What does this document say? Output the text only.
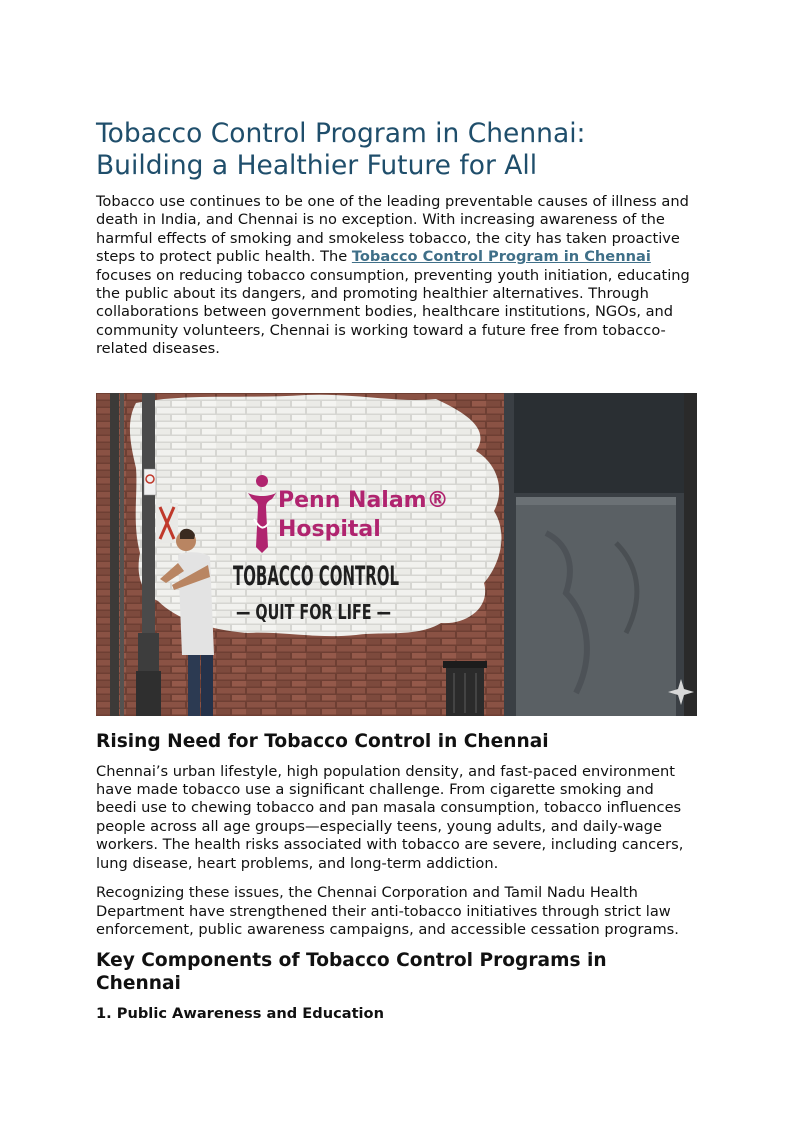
Tobacco Control Program in Chennai:
Building a Healthier Future for All

Tobacco use continues to be one of the leading preventable causes of illness and death in India, and Chennai is no exception. With increasing awareness of the harmful effects of smoking and smokeless tobacco, the city has taken proactive steps to protect public health. The Tobacco Control Program in Chennai focuses on reducing tobacco consumption, preventing youth initiation, educating the public about its dangers, and promoting healthier alternatives. Through collaborations between government bodies, healthcare institutions, NGOs, and community volunteers, Chennai is working toward a future free from tobacco-related diseases.

Penn Nalam®
Hospital
TOBACCO CONTROL
— QUIT FOR LIFE —
Rising Need for Tobacco Control in Chennai

Chennai’s urban lifestyle, high population density, and fast-paced environment have made tobacco use a significant challenge. From cigarette smoking and beedi use to chewing tobacco and pan masala consumption, tobacco influences people across all age groups—especially teens, young adults, and daily-wage workers. The health risks associated with tobacco are severe, including cancers, lung disease, heart problems, and long-term addiction.

Recognizing these issues, the Chennai Corporation and Tamil Nadu Health Department have strengthened their anti-tobacco initiatives through strict law enforcement, public awareness campaigns, and accessible cessation programs.

Key Components of Tobacco Control Programs in Chennai
1. Public Awareness and Education
